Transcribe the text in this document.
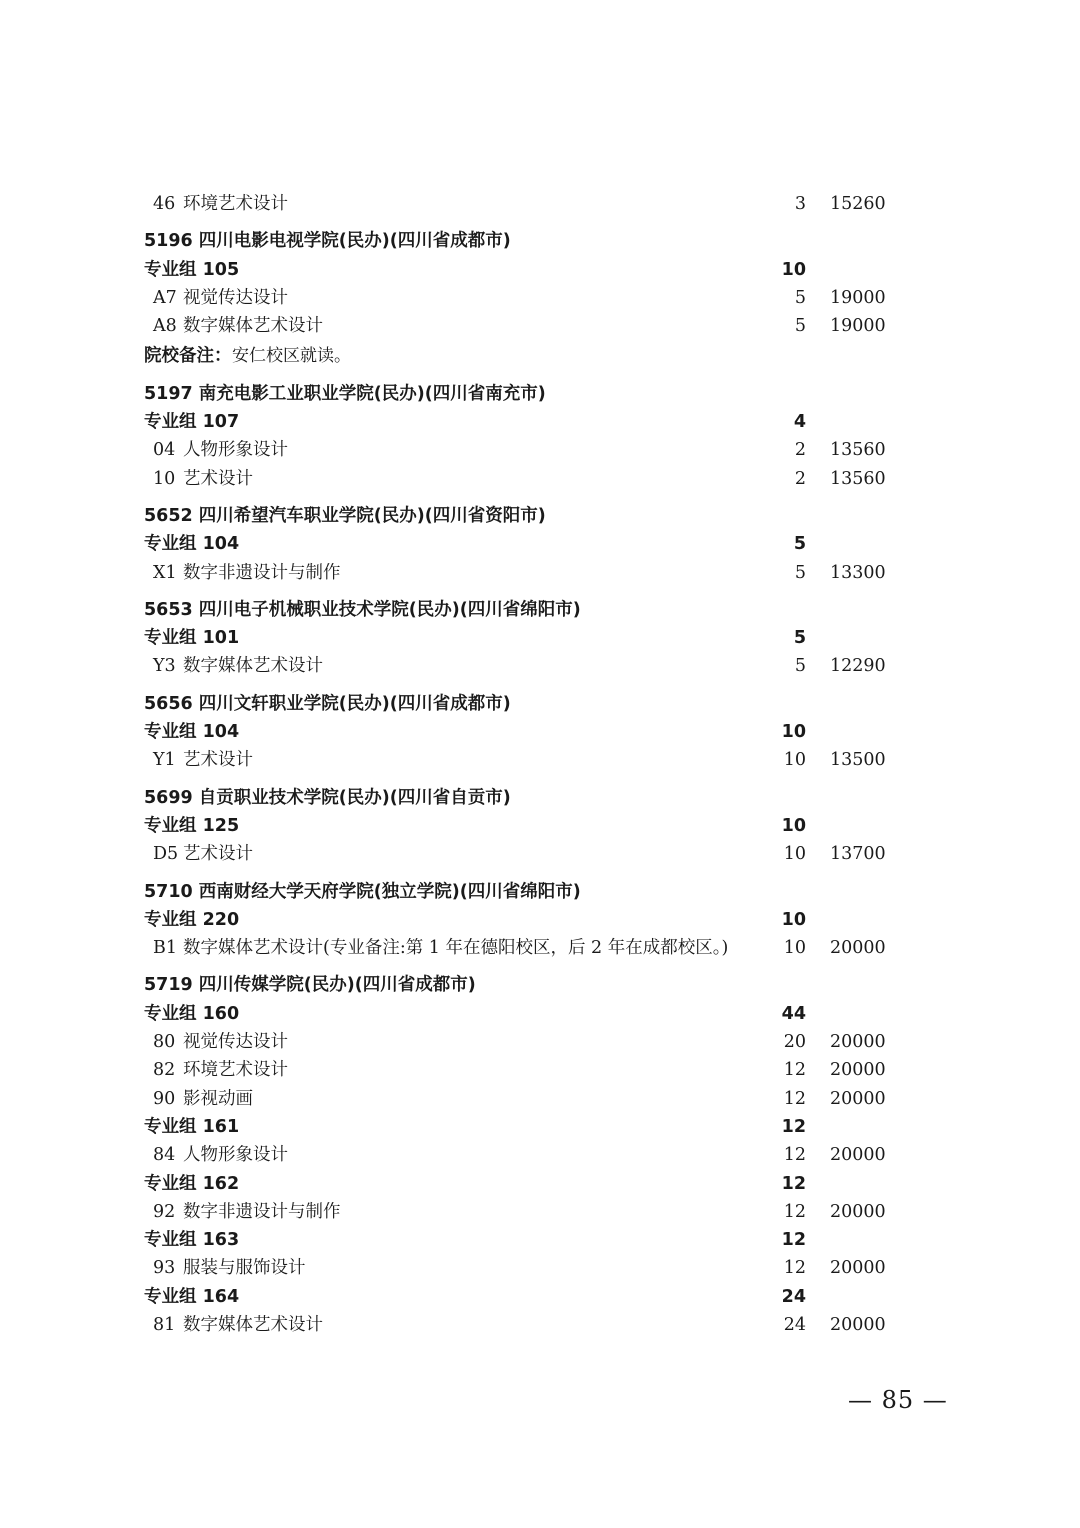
46 环境艺术设计	3 15260
5196 四川电影电视学院(民办)(四川省成都市)
专业组 105	10
A7 视觉传达设计	5 19000
A8 数字媒体艺术设计	5 19000
院校备注： 安仁校区就读。
5197 南充电影工业职业学院(民办)(四川省南充市)
专业组 107	4
04 人物形象设计	2 13560
10 艺术设计	2 13560
5652 四川希望汽车职业学院(民办)(四川省资阳市)
专业组 104	5
X1 数字非遗设计与制作	5 13300
5653 四川电子机械职业技术学院(民办)(四川省绵阳市)
专业组 101	5
Y3 数字媒体艺术设计	5 12290
5656 四川文轩职业学院(民办)(四川省成都市)
专业组 104	10
Y1 艺术设计	10 13500
5699 自贡职业技术学院(民办)(四川省自贡市)
专业组 125	10
D5 艺术设计	10 13700
5710 西南财经大学天府学院(独立学院)(四川省绵阳市)
专业组 220	10
B1 数字媒体艺术设计(专业备注:第 1 年在德阳校区，后 2 年在成都校区。)	10 20000
5719 四川传媒学院(民办)(四川省成都市)
专业组 160	44
80 视觉传达设计	20 20000
82 环境艺术设计	12 20000
90 影视动画	12 20000
专业组 161	12
84 人物形象设计	12 20000
专业组 162	12
92 数字非遗设计与制作	12 20000
专业组 163	12
93 服装与服饰设计	12 20000
专业组 164	24
81 数字媒体艺术设计	24 20000
— 85 —
